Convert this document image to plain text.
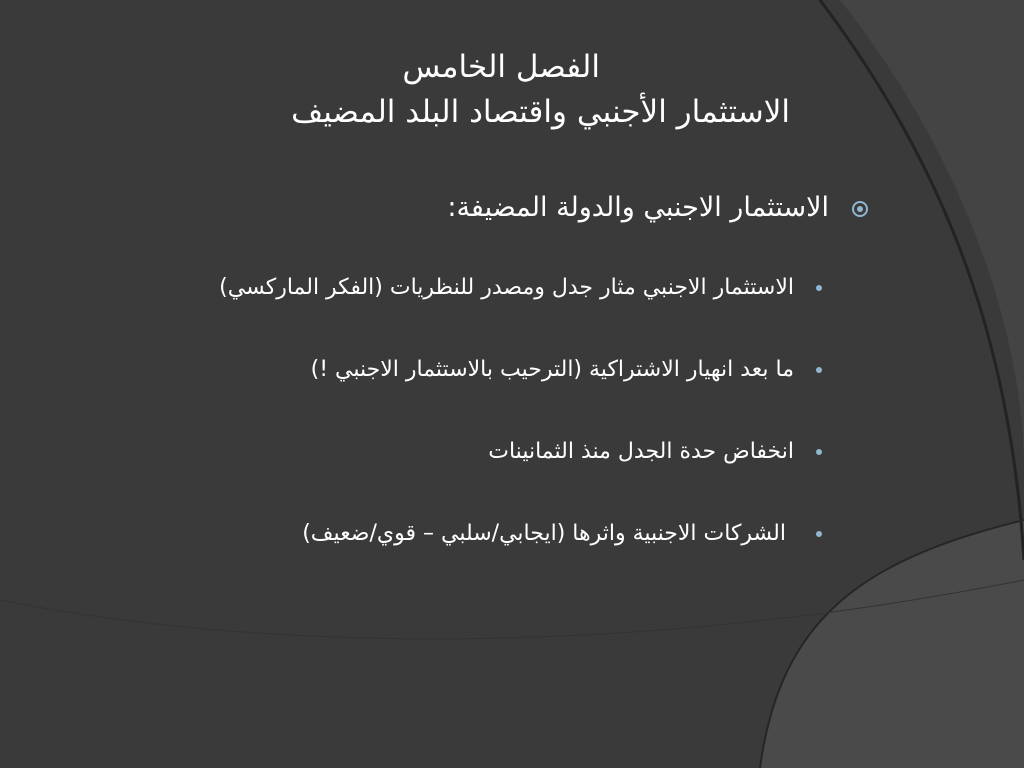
الفصل الخامس
الاستثمار الأجنبي واقتصاد البلد المضيف
الاستثمار الاجنبي والدولة المضيفة:
الاستثمار الاجنبي مثار جدل ومصدر للنظريات (الفكر الماركسي)
ما بعد انهيار الاشتراكية (الترحيب بالاستثمار الاجنبي !)
انخفاض حدة الجدل منذ الثمانينات
الشركات الاجنبية واثرها (ايجابي/سلبي – قوي/ضعيف)
